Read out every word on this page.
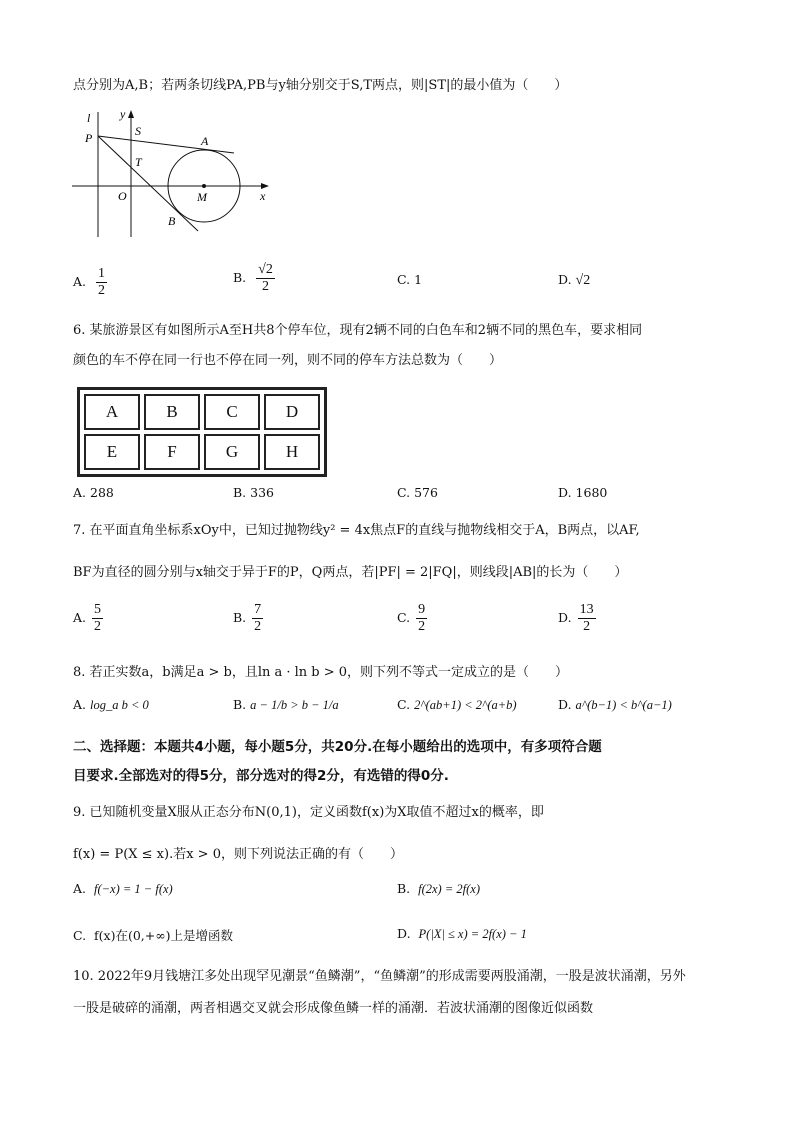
点分别为A,B；若两条切线PA,PB与y轴分别交于S,T两点，则|ST|的最小值为（　　）
l y
P	S
A
T
O	M	x
B
A. $\frac{1}{2}$	B. $\frac{√2}{2}$	C. 1	D. √2
6. 某旅游景区有如图所示A至H共8个停车位，现有2辆不同的白色车和2辆不同的黑色车，要求相同
颜色的车不停在同一行也不停在同一列，则不同的停车方法总数为（　　）
A	B	C	D
E	F	G	H
A. 288	B. 336	C. 576	D. 1680
7. 在平面直角坐标系xOy中，已知过抛物线y² = 4x焦点F的直线与抛物线相交于A，B两点，以AF,
BF为直径的圆分别与x轴交于异于F的P，Q两点，若|PF| = 2|FQ|，则线段|AB|的长为（　　）
A. $\frac{5}{2}$	B. $\frac{7}{2}$	C. $\frac{9}{2}$	D. $\frac{13}{2}$
8. 若正实数a，b满足a > b，且ln a · ln b > 0，则下列不等式一定成立的是（　　）
A. log_a b < 0	B. a − 1/b > b − 1/a	C. 2^(ab+1) < 2^(a+b)	D. a^(b−1) < b^(a−1)
二、选择题：本题共4小题，每小题5分，共20分.在每小题给出的选项中，有多项符合题
目要求.全部选对的得5分，部分选对的得2分，有选错的得0分.
9. 已知随机变量X服从正态分布N(0,1)，定义函数f(x)为X取值不超过x的概率，即
f(x) = P(X ≤ x).若x > 0，则下列说法正确的有（　　）
A. f(−x) = 1 − f(x)	B. f(2x) = 2f(x)
C. f(x)在(0,+∞)上是增函数	D. P(|X| ≤ x) = 2f(x) − 1
10. 2022年9月钱塘江多处出现罕见潮景“鱼鳞潮”，“鱼鳞潮”的形成需要两股涌潮，一股是波状涌潮，另外
一股是破碎的涌潮，两者相遇交叉就会形成像鱼鳞一样的涌潮．若波状涌潮的图像近似函数
